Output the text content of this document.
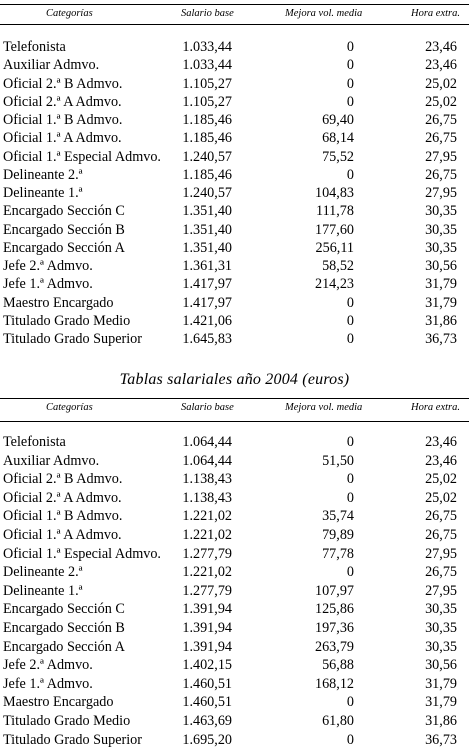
Categorías	Salario base	Mejora vol. media	Hora extra.
Telefonista	1.033,44	0	23,46
Auxiliar Admvo.	1.033,44	0	23,46
Oficial 2.ª B Admvo.	1.105,27	0	25,02
Oficial 2.ª A Admvo.	1.105,27	0	25,02
Oficial 1.ª B Admvo.	1.185,46	69,40	26,75
Oficial 1.ª A Admvo.	1.185,46	68,14	26,75
Oficial 1.ª Especial Admvo. 1.240,57	75,52	27,95
Delineante 2.ª	1.185,46	0	26,75
Delineante 1.ª	1.240,57	104,83	27,95
Encargado Sección C	1.351,40	111,78	30,35
Encargado Sección B	1.351,40	177,60	30,35
Encargado Sección A	1.351,40	256,11	30,35
Jefe 2.ª Admvo.	1.361,31	58,52	30,56
Jefe 1.ª Admvo.	1.417,97	214,23	31,79
Maestro Encargado	1.417,97	0	31,79
Titulado Grado Medio	1.421,06	0	31,86
Titulado Grado Superior	1.645,83	0	36,73
Tablas salariales año 2004 (euros)
Categorías	Salario base	Mejora vol. media	Hora extra.
Telefonista	1.064,44	0	23,46
Auxiliar Admvo.	1.064,44	51,50	23,46
Oficial 2.ª B Admvo.	1.138,43	0	25,02
Oficial 2.ª A Admvo.	1.138,43	0	25,02
Oficial 1.ª B Admvo.	1.221,02	35,74	26,75
Oficial 1.ª A Admvo.	1.221,02	79,89	26,75
Oficial 1.ª Especial Admvo. 1.277,79	77,78	27,95
Delineante 2.ª	1.221,02	0	26,75
Delineante 1.ª	1.277,79	107,97	27,95
Encargado Sección C	1.391,94	125,86	30,35
Encargado Sección B	1.391,94	197,36	30,35
Encargado Sección A	1.391,94	263,79	30,35
Jefe 2.ª Admvo.	1.402,15	56,88	30,56
Jefe 1.ª Admvo.	1.460,51	168,12	31,79
Maestro Encargado	1.460,51	0	31,79
Titulado Grado Medio	1.463,69	61,80	31,86
Titulado Grado Superior	1.695,20	0	36,73
